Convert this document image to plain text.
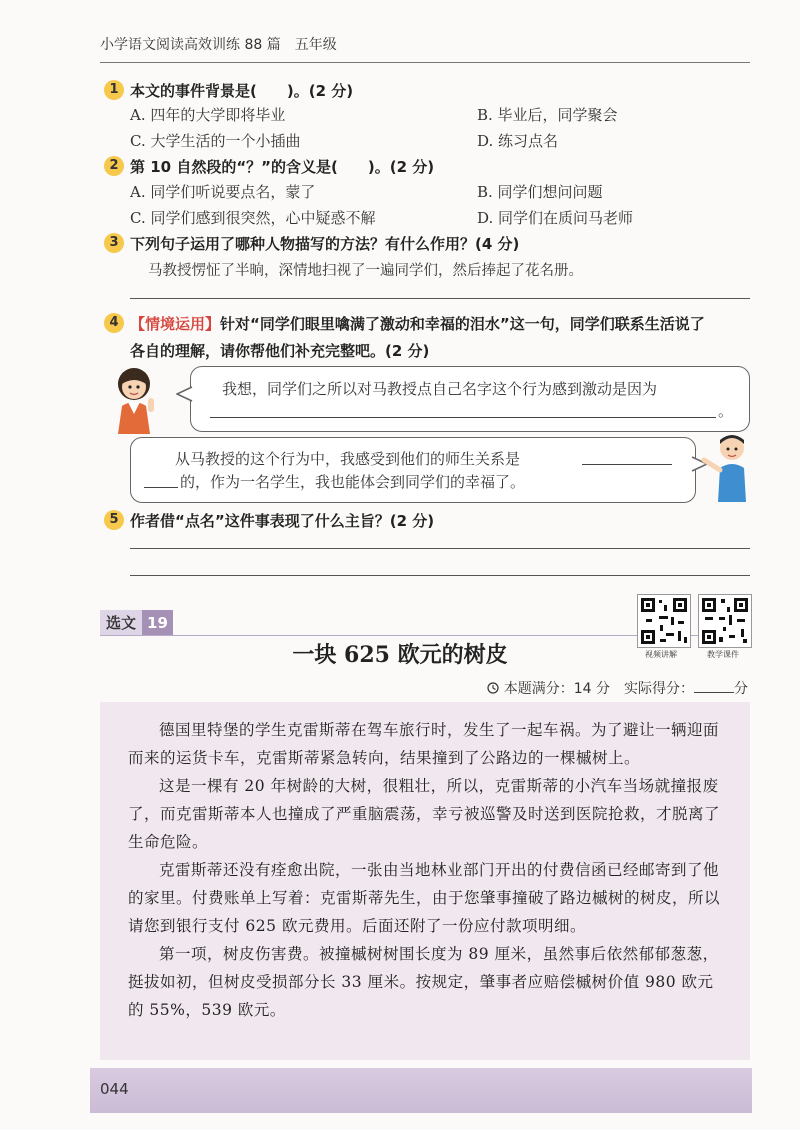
小学语文阅读高效训练 88 篇　五年级
1 本文的事件背景是(　　)。(2 分)
A. 四年的大学即将毕业	B. 毕业后，同学聚会
C. 大学生活的一个小插曲	D. 练习点名
2 第 10 自然段的“？”的含义是(　　)。(2 分)
A. 同学们听说要点名，蒙了	B. 同学们想问问题
C. 同学们感到很突然，心中疑惑不解	D. 同学们在质问马老师
3 下列句子运用了哪种人物描写的方法？有什么作用？(4 分)
马教授愣怔了半晌，深情地扫视了一遍同学们，然后捧起了花名册。
4 【情境运用】针对“同学们眼里噙满了激动和幸福的泪水”这一句，同学们联系生活说了
各自的理解，请你帮他们补充完整吧。(2 分)
我想，同学们之所以对马教授点自己名字这个行为感到激动是因为
。
从马教授的这个行为中，我感受到他们的师生关系是
的，作为一名学生，我也能体会到同学们的幸福了。
5 作者借“点名”这件事表现了什么主旨？(2 分)
选文 19
视频讲解	教学课件
一块 625 欧元的树皮
本题满分：14 分　实际得分：	分

德国里特堡的学生克雷斯蒂在驾车旅行时，发生了一起车祸。为了避让一辆迎面而来的运货卡车，克雷斯蒂紧急转向，结果撞到了公路边的一棵槭树上。

这是一棵有 20 年树龄的大树，很粗壮，所以，克雷斯蒂的小汽车当场就撞报废了，而克雷斯蒂本人也撞成了严重脑震荡，幸亏被巡警及时送到医院抢救，才脱离了生命危险。

克雷斯蒂还没有痊愈出院，一张由当地林业部门开出的付费信函已经邮寄到了他的家里。付费账单上写着：克雷斯蒂先生，由于您肇事撞破了路边槭树的树皮，所以请您到银行支付 625 欧元费用。后面还附了一份应付款项明细。

第一项，树皮伤害费。被撞槭树树围长度为 89 厘米，虽然事后依然郁郁葱葱，挺拔如初，但树皮受损部分长 33 厘米。按规定，肇事者应赔偿槭树价值 980 欧元的 55%，539 欧元。

044
